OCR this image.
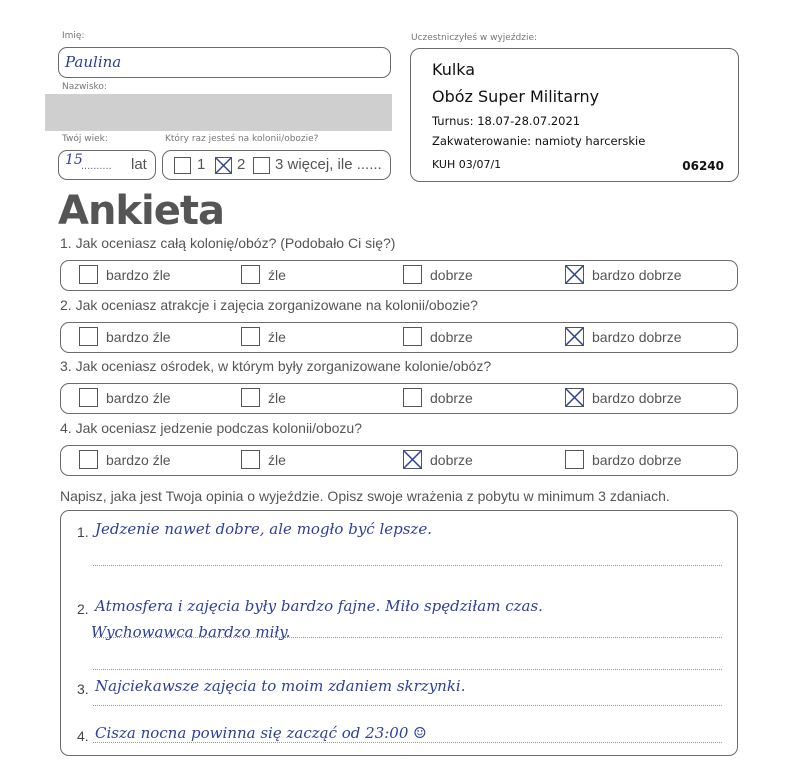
Imię:
Paulina
Nazwisko:
Twój wiek:
15
.......... lat
Który raz jesteś na kolonii/obozie?
1 2 3 więcej, ile ......
Uczestniczyłeś w wyjeździe:
Kulka
Obóz Super Militarny
Turnus: 18.07-28.07.2021
Zakwaterowanie: namioty harcerskie
KUH 03/07/1	06240
Ankieta
1. Jak oceniasz całą kolonię/obóz? (Podobało Ci się?)
bardzo źle	źle	dobrze	bardzo dobrze
2. Jak oceniasz atrakcje i zajęcia zorganizowane na kolonii/obozie?
bardzo źle	źle	dobrze	bardzo dobrze
3. Jak oceniasz ośrodek, w którym były zorganizowane kolonie/obóz?
bardzo źle	źle	dobrze	bardzo dobrze
4. Jak oceniasz jedzenie podczas kolonii/obozu?
bardzo źle	źle	dobrze	bardzo dobrze
Napisz, jaka jest Twoja opinia o wyjeździe. Opisz swoje wrażenia z pobytu w minimum 3 zdaniach.
1. Jedzenie nawet dobre, ale mogło być lepsze.
2. Atmosfera i zajęcia były bardzo fajne. Miło spędziłam czas.
Wychowawca bardzo miły.
3. Najciekawsze zajęcia to moim zdaniem skrzynki.
4. Cisza nocna powinna się zacząć od 23:00 ☺
